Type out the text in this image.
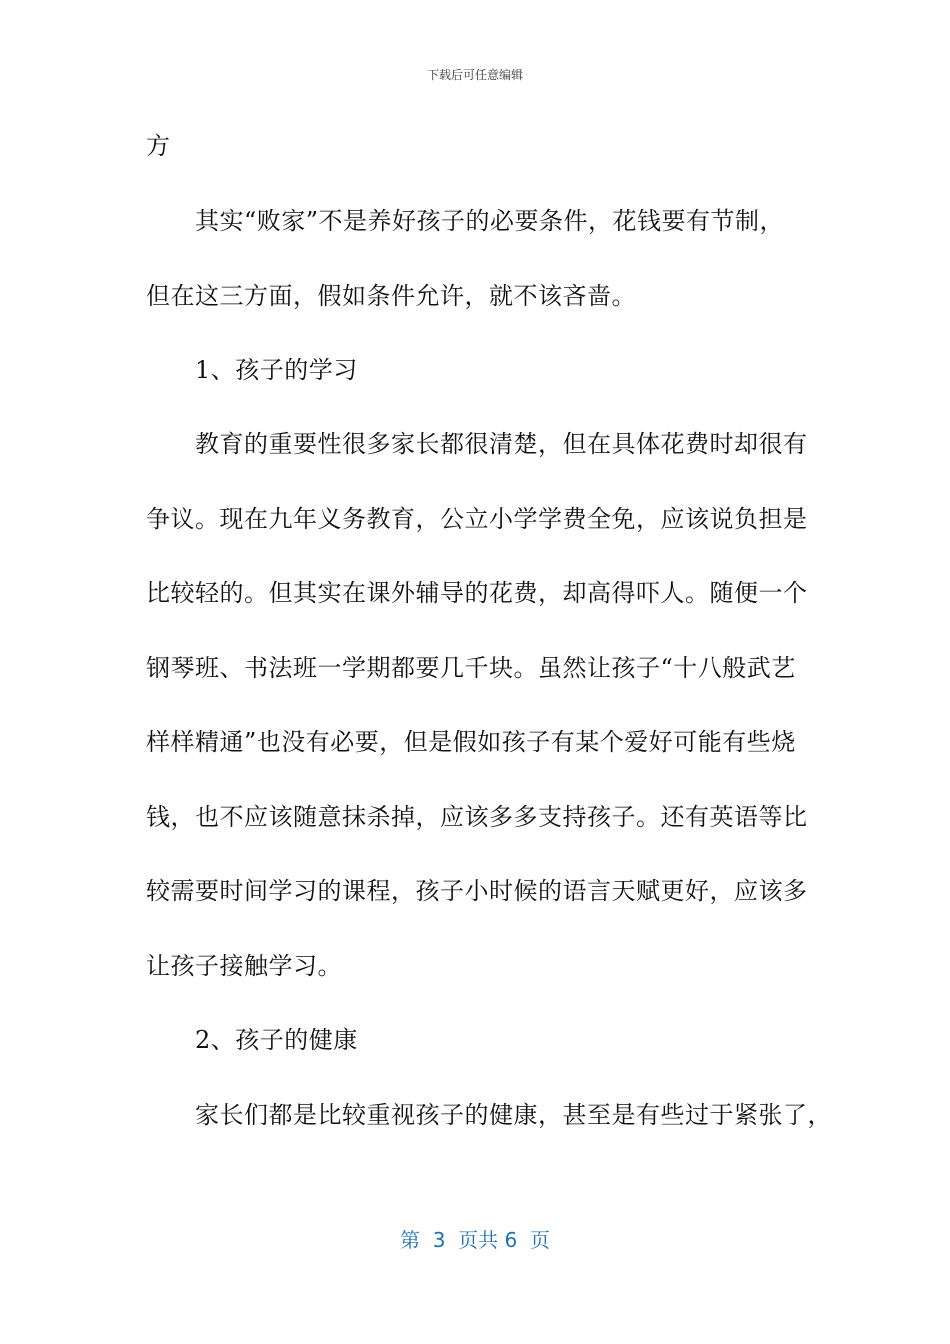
下载后可任意编辑
方
　　其实“败家”不是养好孩子的必要条件，花钱要有节制，
但在这三方面，假如条件允许，就不该吝啬。
　　1、孩子的学习
　　教育的重要性很多家长都很清楚，但在具体花费时却很有
争议。现在九年义务教育，公立小学学费全免，应该说负担是
比较轻的。但其实在课外辅导的花费，却高得吓人。随便一个
钢琴班、书法班一学期都要几千块。虽然让孩子“十八般武艺
样样精通”也没有必要，但是假如孩子有某个爱好可能有些烧
钱，也不应该随意抹杀掉，应该多多支持孩子。还有英语等比
较需要时间学习的课程，孩子小时候的语言天赋更好，应该多
让孩子接触学习。
　　2、孩子的健康
　　家长们都是比较重视孩子的健康，甚至是有些过于紧张了，
第  3  页共 6  页
